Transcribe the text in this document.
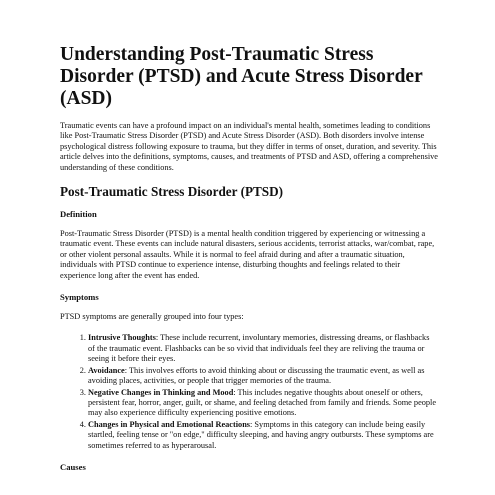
Understanding Post-Traumatic Stress Disorder (PTSD) and Acute Stress Disorder (ASD)

Traumatic events can have a profound impact on an individual's mental health, sometimes leading to conditions like Post-Traumatic Stress Disorder (PTSD) and Acute Stress Disorder (ASD). Both disorders involve intense psychological distress following exposure to trauma, but they differ in terms of onset, duration, and severity. This article delves into the definitions, symptoms, causes, and treatments of PTSD and ASD, offering a comprehensive understanding of these conditions.

Post-Traumatic Stress Disorder (PTSD)
Definition

Post-Traumatic Stress Disorder (PTSD) is a mental health condition triggered by experiencing or witnessing a traumatic event. These events can include natural disasters, serious accidents, terrorist attacks, war/combat, rape, or other violent personal assaults. While it is normal to feel afraid during and after a traumatic situation, individuals with PTSD continue to experience intense, disturbing thoughts and feelings related to their experience long after the event has ended.

Symptoms

PTSD symptoms are generally grouped into four types:

1. Intrusive Thoughts: These include recurrent, involuntary memories, distressing dreams, or flashbacks of the traumatic event. Flashbacks can be so vivid that individuals feel they are reliving the trauma or seeing it before their eyes.
2. Avoidance: This involves efforts to avoid thinking about or discussing the traumatic event, as well as avoiding places, activities, or people that trigger memories of the trauma.
3. Negative Changes in Thinking and Mood: This includes negative thoughts about oneself or others, persistent fear, horror, anger, guilt, or shame, and feeling detached from family and friends. Some people may also experience difficulty experiencing positive emotions.
4. Changes in Physical and Emotional Reactions: Symptoms in this category can include being easily startled, feeling tense or "on edge," difficulty sleeping, and having angry outbursts. These symptoms are sometimes referred to as hyperarousal.
Causes
